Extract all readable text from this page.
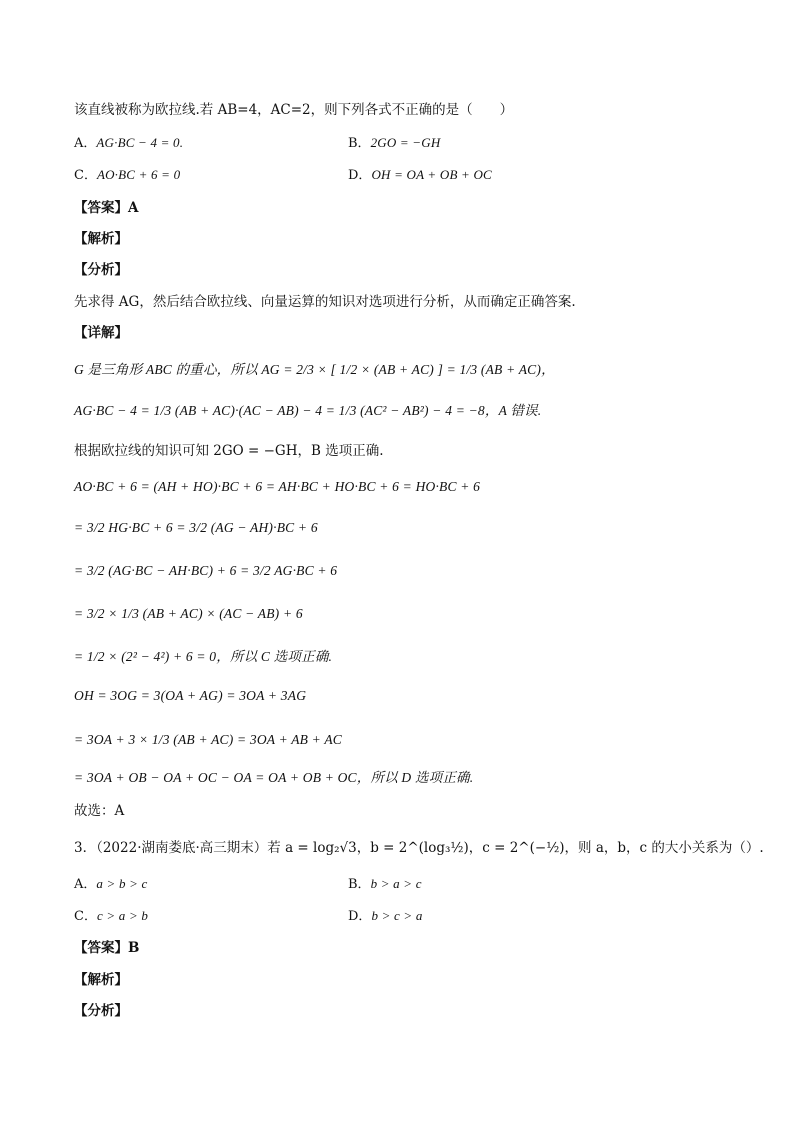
该直线被称为欧拉线.若 AB=4，AC=2，则下列各式不正确的是（　　）
A．AG·BC − 4 = 0.	B．2GO = −GH
C．AO·BC + 6 = 0	D．OH = OA + OB + OC
【答案】A
【解析】
【分析】
先求得 AG，然后结合欧拉线、向量运算的知识对选项进行分析，从而确定正确答案.
【详解】
G 是三角形 ABC 的重心，所以 AG = 2/3 × [ 1/2 × (AB + AC) ] = 1/3 (AB + AC)，
AG·BC − 4 = 1/3 (AB + AC)·(AC − AB) − 4 = 1/3 (AC² − AB²) − 4 = −8，A 错误.
根据欧拉线的知识可知 2GO = −GH，B 选项正确.
AO·BC + 6 = (AH + HO)·BC + 6 = AH·BC + HO·BC + 6 = HO·BC + 6
= 3/2 HG·BC + 6 = 3/2 (AG − AH)·BC + 6
= 3/2 (AG·BC − AH·BC) + 6 = 3/2 AG·BC + 6
= 3/2 × 1/3 (AB + AC) × (AC − AB) + 6
= 1/2 × (2² − 4²) + 6 = 0，所以 C 选项正确.
OH = 3OG = 3(OA + AG) = 3OA + 3AG
= 3OA + 3 × 1/3 (AB + AC) = 3OA + AB + AC
= 3OA + OB − OA + OC − OA = OA + OB + OC，所以 D 选项正确.
故选：A
3．（2022·湖南娄底·高三期末）若 a = log₂√3，b = 2^(log₃½)，c = 2^(−½)，则 a，b，c 的大小关系为（）.
A．a > b > c	B．b > a > c
C．c > a > b	D．b > c > a
【答案】B
【解析】
【分析】
